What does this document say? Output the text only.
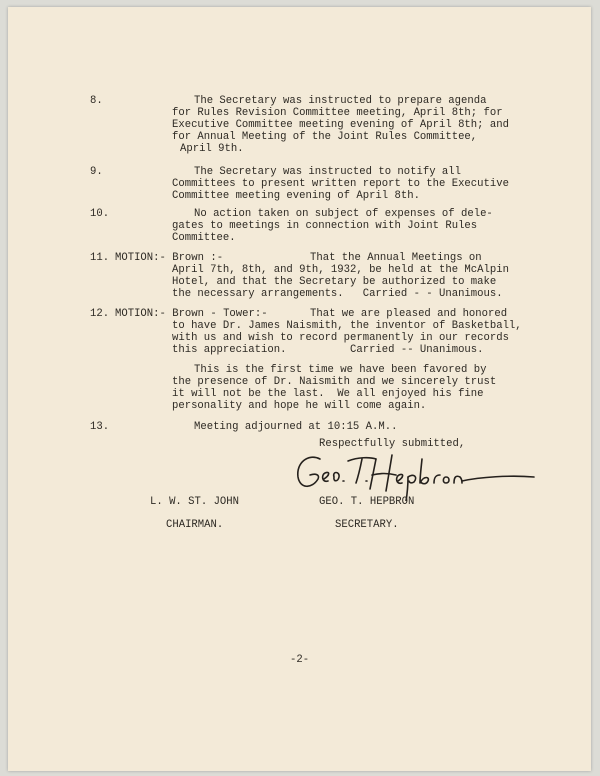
8.	The Secretary was instructed to prepare agenda
for Rules Revision Committee meeting, April 8th; for
Executive Committee meeting evening of April 8th; and
for Annual Meeting of the Joint Rules Committee,
April 9th.
9.	The Secretary was instructed to notify all
Committees to present written report to the Executive
Committee meeting evening of April 8th.
10.	No action taken on subject of expenses of dele-
gates to meetings in connection with Joint Rules
Committee.
11. MOTION:- Brown :-	That the Annual Meetings on
April 7th, 8th, and 9th, 1932, be held at the McAlpin
Hotel, and that the Secretary be authorized to make
the necessary arrangements.   Carried - - Unanimous.
12. MOTION:- Brown - Tower:-	That we are pleased and honored
to have Dr. James Naismith, the inventor of Basketball,
with us and wish to record permanently in our records
this appreciation.          Carried -- Unanimous.
This is the first time we have been favored by
the presence of Dr. Naismith and we sincerely trust
it will not be the last.  We all enjoyed his fine
personality and hope he will come again.
13.	Meeting adjourned at 10:15 A.M..
Respectfully submitted,
L. W. ST. JOHN	GEO. T. HEPBRON
CHAIRMAN.	SECRETARY.
-2-
